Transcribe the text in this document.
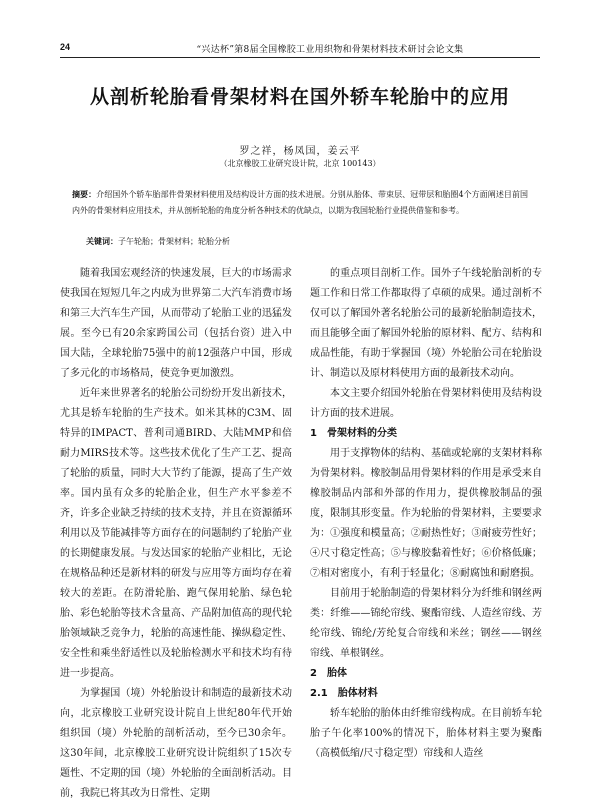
24	“兴达杯”第8届全国橡胶工业用织物和骨架材料技术研讨会论文集
从剖析轮胎看骨架材料在国外轿车轮胎中的应用
罗之祥，杨凤国，姜云平
（北京橡胶工业研究设计院，北京 100143）
摘要：介绍国外个轿车胎部件骨架材料使用及结构设计方面的技术进展。分别从胎体、带束层、冠带层和胎圈4个方面阐述目前国内外的骨架材料应用技术，并从剖析轮胎的角度分析各种技术的优缺点，以期为我国轮胎行业提供借鉴和参考。
关键词：子午轮胎；骨架材料；轮胎分析

随着我国宏观经济的快速发展，巨大的市场需求使我国在短短几年之内成为世界第二大汽车消费市场和第三大汽车生产国，从而带动了轮胎工业的迅猛发展。至今已有20余家跨国公司（包括台资）进入中国大陆，全球轮胎75强中的前12强落户中国，形成了多元化的市场格局，使竞争更加激烈。

近年来世界著名的轮胎公司纷纷开发出新技术，尤其是轿车轮胎的生产技术。如米其林的C3M、固特异的IMPACT、普利司通BIRD、大陆MMP和倍耐力MIRS技术等。这些技术优化了生产工艺、提高了轮胎的质量，同时大大节约了能源，提高了生产效率。国内虽有众多的轮胎企业，但生产水平参差不齐，许多企业缺乏持续的技术支持，并且在资源循环利用以及节能减排等方面存在的问题制约了轮胎产业的长期健康发展。与发达国家的轮胎产业相比，无论在规格品种还是新材料的研发与应用等方面均存在着较大的差距。在防滑轮胎、跑气保用轮胎、绿色轮胎、彩色轮胎等技术含量高、产品附加值高的现代轮胎领域缺乏竞争力，轮胎的高速性能、操纵稳定性、安全性和乘坐舒适性以及轮胎检测水平和技术均有待进一步提高。

为掌握国（境）外轮胎设计和制造的最新技术动向，北京橡胶工业研究设计院自上世纪80年代开始组织国（境）外轮胎的剖析活动，至今已30余年。这30年间，北京橡胶工业研究设计院组织了15次专题性、不定期的国（境）外轮胎的全面剖析活动。目前，我院已将其改为日常性、定期

的重点项目剖析工作。国外子午线轮胎剖析的专题工作和日常工作都取得了卓硕的成果。通过剖析不仅可以了解国外著名轮胎公司的最新轮胎制造技术，而且能够全面了解国外轮胎的原材料、配方、结构和成品性能，有助于掌握国（境）外轮胎公司在轮胎设计、制造以及原材料使用方面的最新技术动向。

本文主要介绍国外轮胎在骨架材料使用及结构设计方面的技术进展。

1　骨架材料的分类

用于支撑物体的结构、基础或轮廓的支架材料称为骨架材料。橡胶制品用骨架材料的作用是承受来自橡胶制品内部和外部的作用力，提供橡胶制品的强度，限制其形变量。作为轮胎的骨架材料，主要要求为：①强度和模量高；②耐热性好；③耐疲劳性好；④尺寸稳定性高；⑤与橡胶黏着性好；⑥价格低廉；⑦相对密度小，有利于轻量化；⑧耐腐蚀和耐磨损。

目前用于轮胎制造的骨架材料分为纤维和钢丝两类：纤维——锦纶帘线、聚酯帘线、人造丝帘线、芳纶帘线、锦纶/芳纶复合帘线和米丝；钢丝——钢丝帘线、单根钢丝。

2　胎体
2.1　胎体材料

轿车轮胎的胎体由纤维帘线构成。在目前轿车轮胎子午化率100%的情况下，胎体材料主要为聚酯（高模低缩/尺寸稳定型）帘线和人造丝
